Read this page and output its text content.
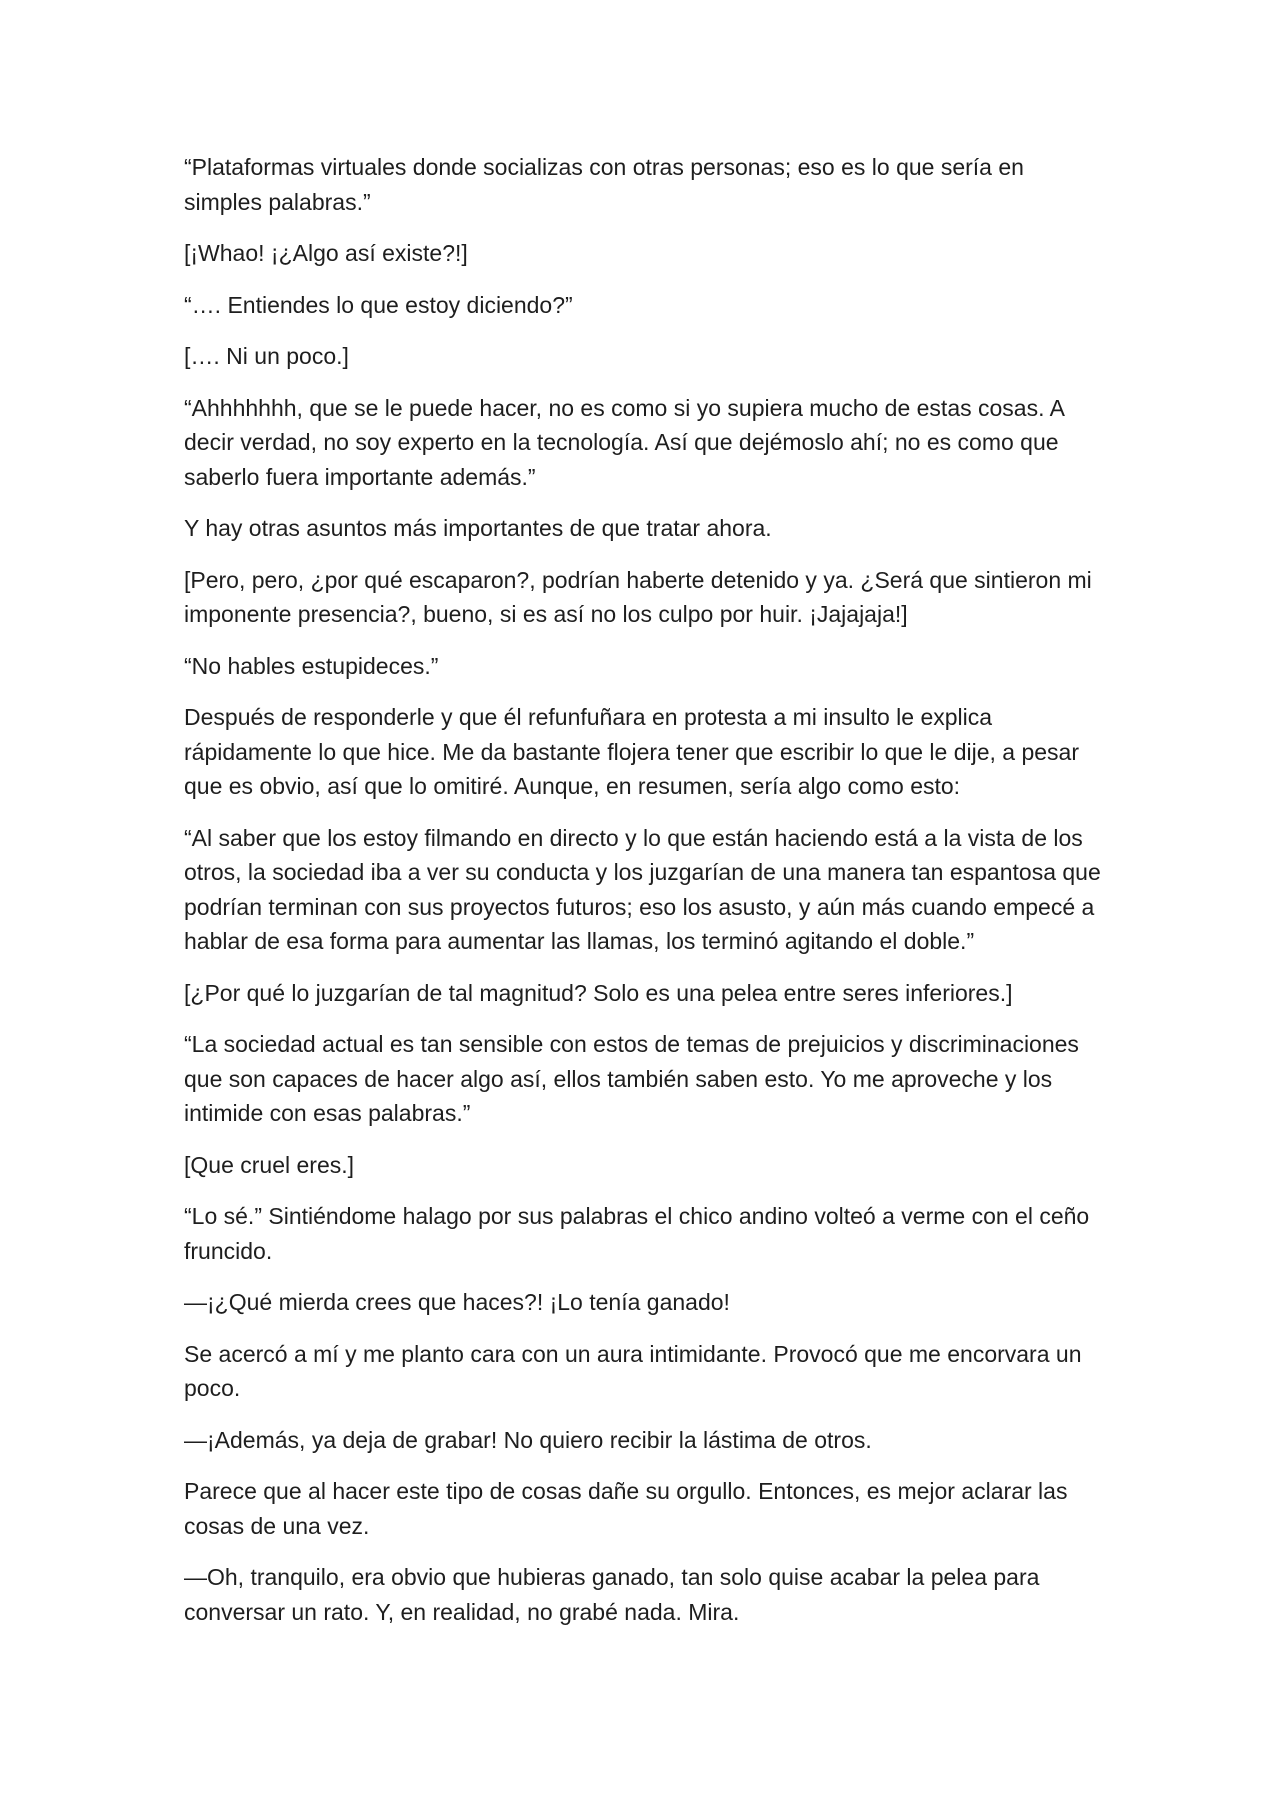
“Plataformas virtuales donde socializas con otras personas; eso es lo que sería en simples palabras.”

[¡Whao! ¡¿Algo así existe?!]

“…. Entiendes lo que estoy diciendo?”

[…. Ni un poco.]

“Ahhhhhhh, que se le puede hacer, no es como si yo supiera mucho de estas cosas. A decir verdad, no soy experto en la tecnología. Así que dejémoslo ahí; no es como que saberlo fuera importante además.”

Y hay otras asuntos más importantes de que tratar ahora.

[Pero, pero, ¿por qué escaparon?, podrían haberte detenido y ya. ¿Será que sintieron mi imponente presencia?, bueno, si es así no los culpo por huir. ¡Jajajaja!]

“No hables estupideces.”

Después de responderle y que él refunfuñara en protesta a mi insulto le explica rápidamente lo que hice. Me da bastante flojera tener que escribir lo que le dije, a pesar que es obvio, así que lo omitiré. Aunque, en resumen, sería algo como esto:

“Al saber que los estoy filmando en directo y lo que están haciendo está a la vista de los otros, la sociedad iba a ver su conducta y los juzgarían de una manera tan espantosa que podrían terminan con sus proyectos futuros; eso los asusto, y aún más cuando empecé a hablar de esa forma para aumentar las llamas, los terminó agitando el doble.”

[¿Por qué lo juzgarían de tal magnitud? Solo es una pelea entre seres inferiores.]

“La sociedad actual es tan sensible con estos de temas de prejuicios y discriminaciones que son capaces de hacer algo así, ellos también saben esto. Yo me aproveche y los intimide con esas palabras.”

[Que cruel eres.]

“Lo sé.” Sintiéndome halago por sus palabras el chico andino volteó a verme con el ceño fruncido.

—¡¿Qué mierda crees que haces?! ¡Lo tenía ganado!

Se acercó a mí y me planto cara con un aura intimidante. Provocó que me encorvara un poco.

—¡Además, ya deja de grabar! No quiero recibir la lástima de otros.

Parece que al hacer este tipo de cosas dañe su orgullo. Entonces, es mejor aclarar las cosas de una vez.

—Oh, tranquilo, era obvio que hubieras ganado, tan solo quise acabar la pelea para conversar un rato. Y, en realidad, no grabé nada. Mira.
